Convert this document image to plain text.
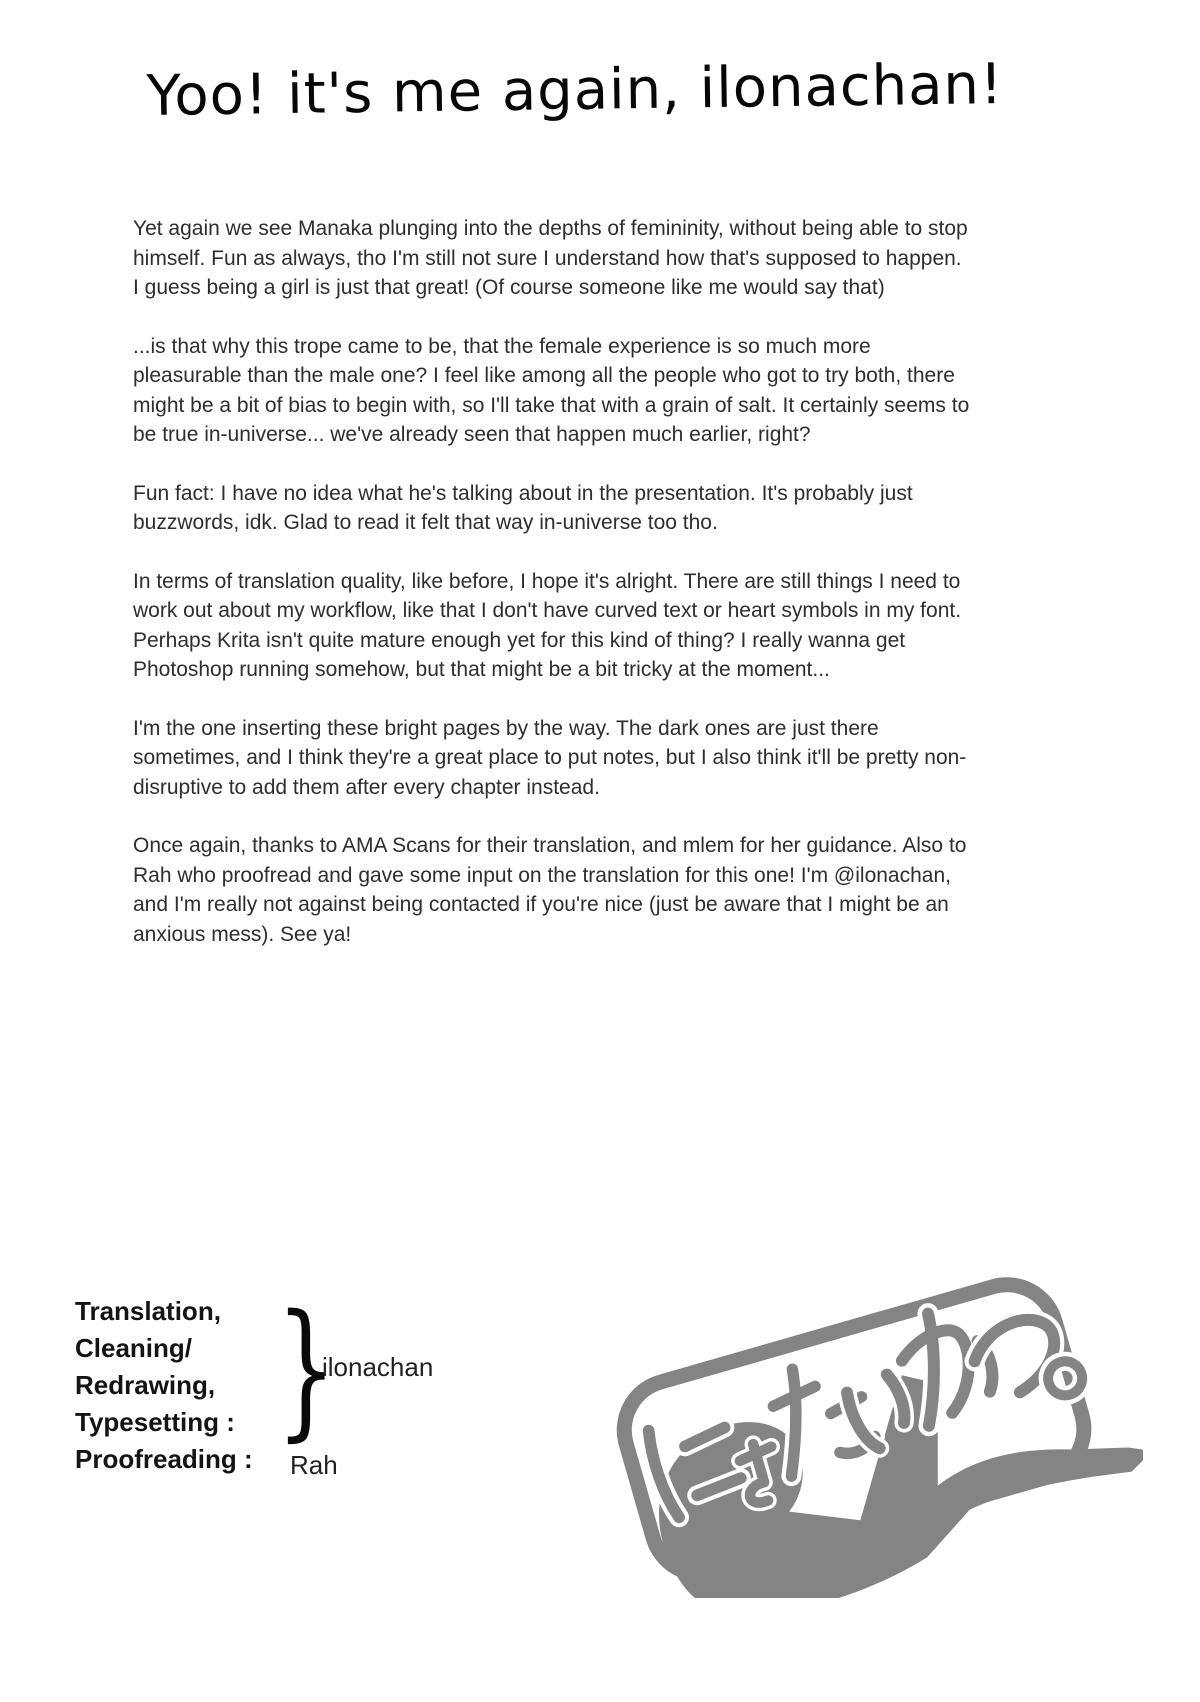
Yoo! it's me again, ilonachan!

Yet again we see Manaka plunging into the depths of femininity, without being able to stop himself. Fun as always, tho I'm still not sure I understand how that's supposed to happen. I guess being a girl is just that great! (Of course someone like me would say that)

...is that why this trope came to be, that the female experience is so much more pleasurable than the male one? I feel like among all the people who got to try both, there might be a bit of bias to begin with, so I'll take that with a grain of salt. It certainly seems to be true in-universe... we've already seen that happen much earlier, right?

Fun fact: I have no idea what he's talking about in the presentation. It's probably just buzzwords, idk. Glad to read it felt that way in-universe too tho.

In terms of translation quality, like before, I hope it's alright. There are still things I need to work out about my workflow, like that I don't have curved text or heart symbols in my font. Perhaps Krita isn't quite mature enough yet for this kind of thing? I really wanna get Photoshop running somehow, but that might be a bit tricky at the moment...

I'm the one inserting these bright pages by the way. The dark ones are just there sometimes, and I think they're a great place to put notes, but I also think it'll be pretty non-disruptive to add them after every chapter instead.

Once again, thanks to AMA Scans for their translation, and mlem for her guidance. Also to Rah who proofread and gave some input on the translation for this one! I'm @ilonachan, and I'm really not against being contacted if you're nice (just be aware that I might be an anxious mess). See ya!

Translation,
Cleaning/
Redrawing,
Typesetting :
Proofreading :
}
ilonachan
Rah
